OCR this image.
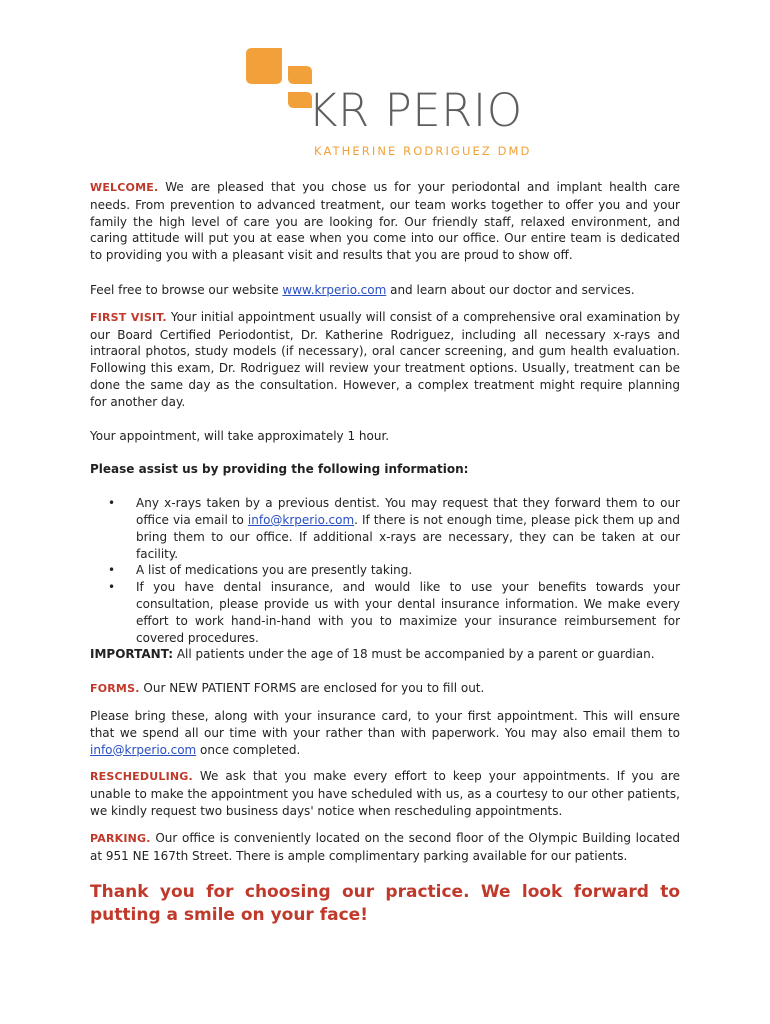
KR PERIO
KATHERINE RODRIGUEZ DMD

WELCOME. We are pleased that you chose us for your periodontal and implant health care needs. From prevention to advanced treatment, our team works together to offer you and your family the high level of care you are looking for. Our friendly staff, relaxed environment, and caring attitude will put you at ease when you come into our office. Our entire team is dedicated to providing you with a pleasant visit and results that you are proud to show off.

Feel free to browse our website www.krperio.com and learn about our doctor and services.

FIRST VISIT. Your initial appointment usually will consist of a comprehensive oral examination by our Board Certified Periodontist, Dr. Katherine Rodriguez, including all necessary x-rays and intraoral photos, study models (if necessary), oral cancer screening, and gum health evaluation. Following this exam, Dr. Rodriguez will review your treatment options. Usually, treatment can be done the same day as the consultation. However, a complex treatment might require planning for another day.

Your appointment, will take approximately 1 hour.

Please assist us by providing the following information:

• Any x-rays taken by a previous dentist. You may request that they forward them to our office via email to info@krperio.com. If there is not enough time, please pick them up and bring them to our office. If additional x-rays are necessary, they can be taken at our facility.
• A list of medications you are presently taking.
• If you have dental insurance, and would like to use your benefits towards your consultation, please provide us with your dental insurance information. We make every effort to work hand-in-hand with you to maximize your insurance reimbursement for covered procedures.

IMPORTANT: All patients under the age of 18 must be accompanied by a parent or guardian.

FORMS. Our NEW PATIENT FORMS are enclosed for you to fill out.

Please bring these, along with your insurance card, to your first appointment. This will ensure that we spend all our time with your rather than with paperwork. You may also email them to info@krperio.com once completed.

RESCHEDULING. We ask that you make every effort to keep your appointments. If you are unable to make the appointment you have scheduled with us, as a courtesy to our other patients, we kindly request two business days' notice when rescheduling appointments.

PARKING. Our office is conveniently located on the second floor of the Olympic Building located at 951 NE 167th Street. There is ample complimentary parking available for our patients.

Thank you for choosing our practice. We look forward to putting a smile on your face!
